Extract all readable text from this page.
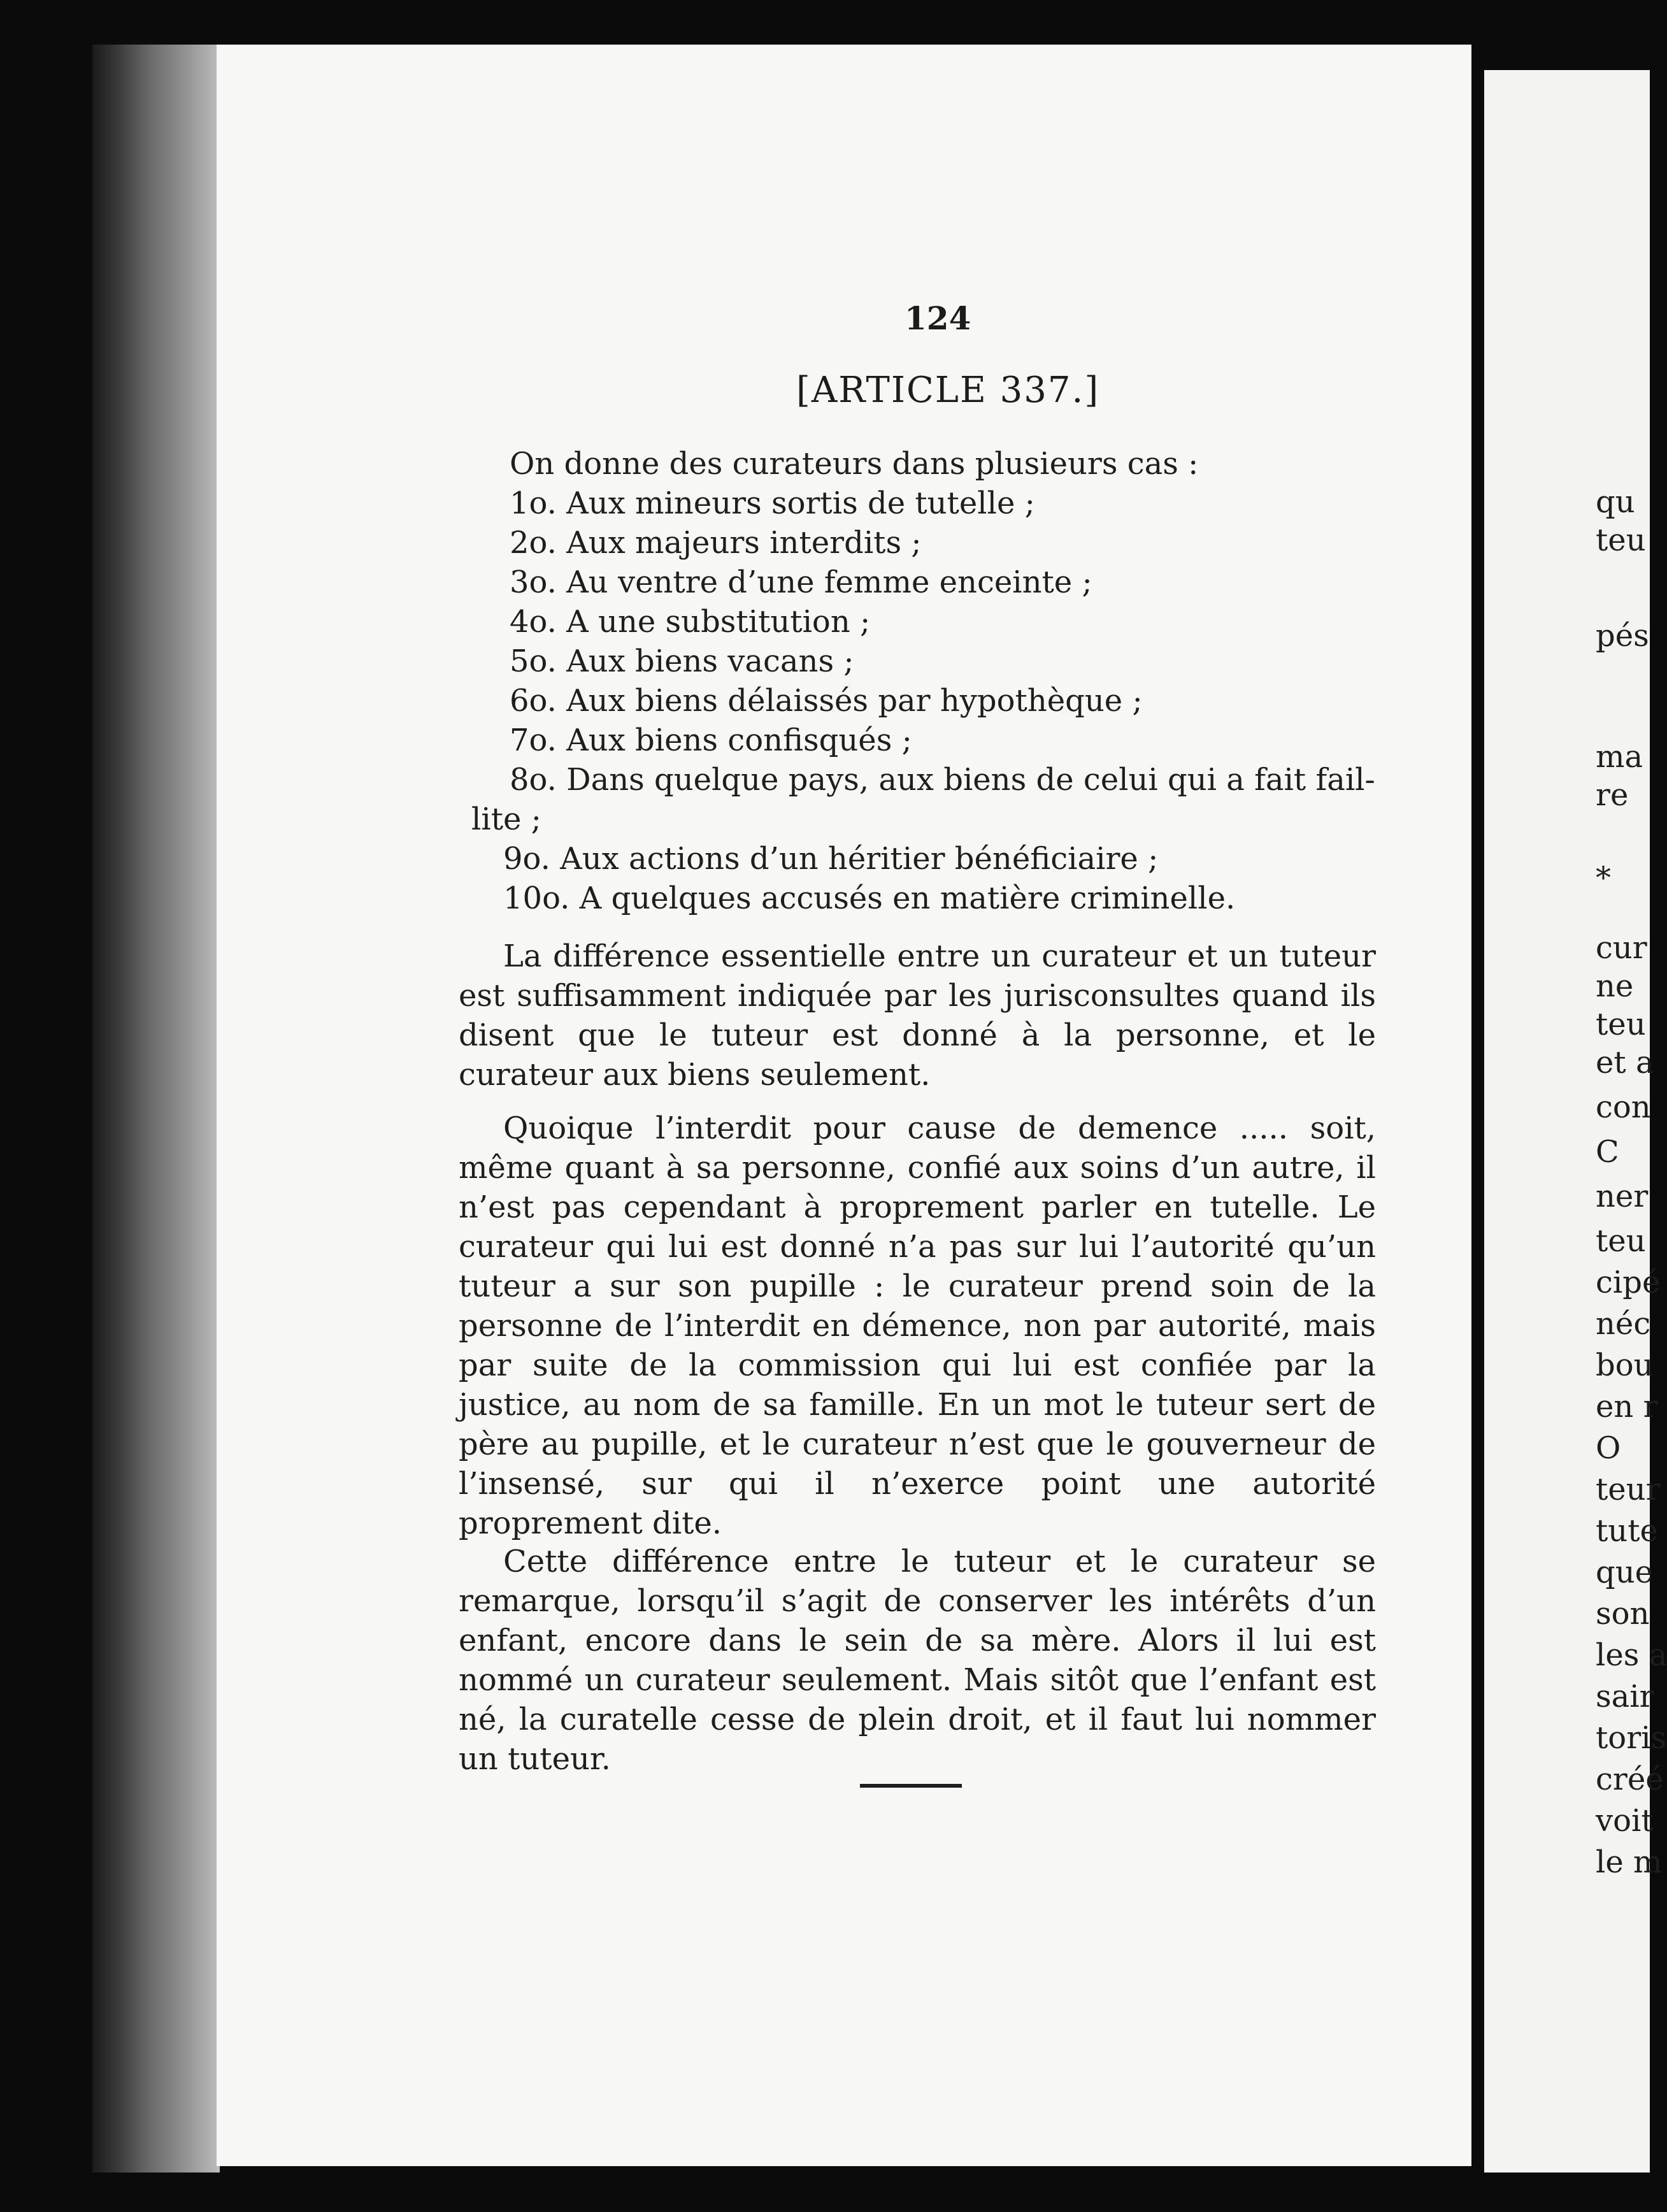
124
[ARTICLE 337.]
On donne des curateurs dans plusieurs cas :
1o. Aux mineurs sortis de tutelle ;
2o. Aux majeurs interdits ;
3o. Au ventre d’une femme enceinte ;
4o. A une substitution ;
5o. Aux biens vacans ;
6o. Aux biens délaissés par hypothèque ;
7o. Aux biens confisqués ;
8o. Dans quelque pays, aux biens de celui qui a fait fail-
lite ;
9o. Aux actions d’un héritier bénéficiaire ;
10o. A quelques accusés en matière criminelle.
La différence essentielle entre un curateur et un tuteur est suffisamment indiquée par les jurisconsultes quand ils disent que le tuteur est donné à la personne, et le curateur aux biens seulement.
Quoique l’interdit pour cause de demence ..... soit, même quant à sa personne, confié aux soins d’un autre, il n’est pas cependant à proprement parler en tutelle. Le curateur qui lui est donné n’a pas sur lui l’autorité qu’un tuteur a sur son pupille : le curateur prend soin de la personne de l’interdit en démence, non par autorité, mais par suite de la commission qui lui est confiée par la justice, au nom de sa famille. En un mot le tuteur sert de père au pupille, et le curateur n’est que le gouverneur de l’insensé, sur qui il n’exerce point une autorité proprement dite.
Cette différence entre le tuteur et le curateur se remarque, lorsqu’il s’agit de conserver les intérêts d’un enfant, encore dans le sein de sa mère. Alors il lui est nommé un curateur seulement. Mais sitôt que l’enfant est né, la curatelle cesse de plein droit, et il faut lui nommer un tuteur.
qu
teu
pés
ma
re
*
cur
ne
teu
et a
con
C
ner
teu
cipé
néc
bou
en r
O
teur
tute
que
son
les a
sair
toris
créé
voit
le m
